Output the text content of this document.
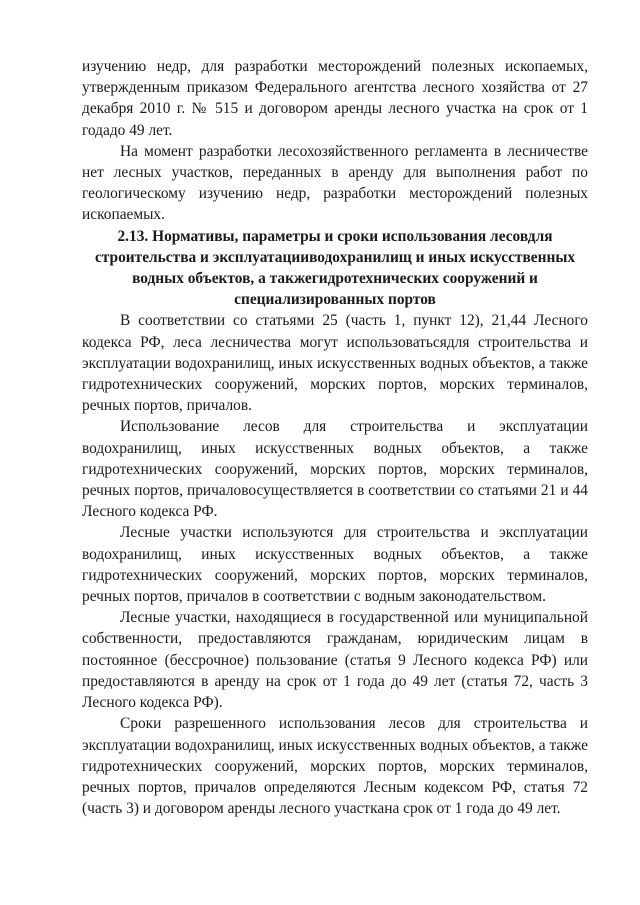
изучению недр, для разработки месторождений полезных ископаемых, утвержденным приказом Федерального агентства лесного хозяйства от 27 декабря 2010 г. № 515 и договором аренды лесного участка на срок от 1 годадо 49 лет.

На момент разработки лесохозяйственного регламента в лесничестве нет лесных участков, переданных в аренду для выполнения работ по геологическому изучению недр, разработки месторождений полезных ископаемых.

2.13. Нормативы, параметры и сроки использования лесовдля
строительства и эксплуатацииводохранилищ и иных искусственных
водных объектов, а такжегидротехнических сооружений и
специализированных портов

В соответствии со статьями 25 (часть 1, пункт 12), 21,44 Лесного кодекса РФ, леса лесничества могут использоватьсядля строительства и эксплуатации водохранилищ, иных искусственных водных объектов, а также гидротехнических сооружений, морских портов, морских терминалов, речных портов, причалов.

Использование лесов для строительства и эксплуатации водохранилищ, иных искусственных водных объектов, а также гидротехнических сооружений, морских портов, морских терминалов, речных портов, причаловосуществляется в соответствии со статьями 21 и 44 Лесного кодекса РФ.

Лесные участки используются для строительства и эксплуатации водохранилищ, иных искусственных водных объектов, а также гидротехнических сооружений, морских портов, морских терминалов, речных портов, причалов в соответствии с водным законодательством.

Лесные участки, находящиеся в государственной или муниципальной собственности, предоставляются гражданам, юридическим лицам в постоянное (бессрочное) пользование (статья 9 Лесного кодекса РФ) или предоставляются в аренду на срок от 1 года до 49 лет (статья 72, часть 3 Лесного кодекса РФ).

Сроки разрешенного использования лесов для строительства и эксплуатации водохранилищ, иных искусственных водных объектов, а также гидротехнических сооружений, морских портов, морских терминалов, речных портов, причалов определяются Лесным кодексом РФ, статья 72 (часть 3) и договором аренды лесного участкана срок от 1 года до 49 лет.
